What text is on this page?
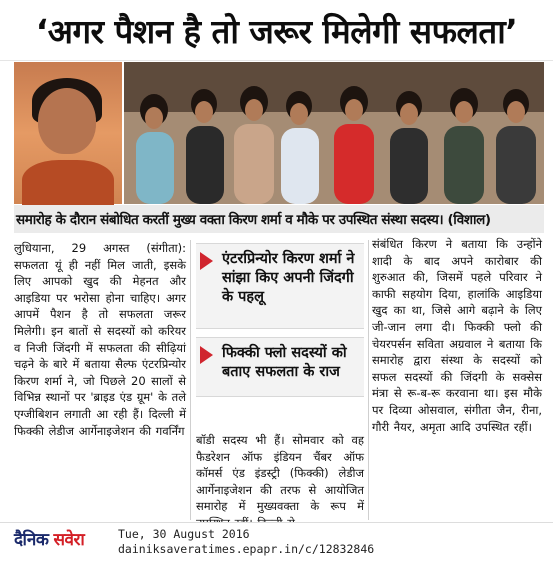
‘अगर पैशन है तो जरूर मिलेगी सफलता’
समारोह के दौरान संबोधित करतीं मुख्य वक्ता किरण शर्मा व मौके पर उपस्थित संस्था सदस्य। (विशाल)

लुधियाना, 29 अगस्त (संगीता): सफलता यूं ही नहीं मिल जाती, इसके लिए आपको खुद की मेहनत और आइडिया पर भरोसा होना चाहिए। अगर आपमें पैशन है तो सफलता जरूर मिलेगी। इन बातों से सदस्यों को करियर व निजी जिंदगी में सफलता की सीढ़ियां चढ़ने के बारे में बताया सैल्फ एंटरप्रिन्योर किरण शर्मा ने, जो पिछले 20 सालों से विभिन्न स्थानों पर 'ब्राइड एंड ग्रूम' के तले एग्जीबिशन लगाती आ रही हैं। दिल्ली में फिक्की लेडीज आर्गेनाइजेशन की गवर्निंग

एंटरप्रिन्योर किरण शर्मा ने सांझा किए अपनी जिंदगी के पहलू
फिक्की फ्लो सदस्यों को बताए सफलता के राज

बॉडी सदस्य भी हैं। सोमवार को वह फैडरेशन ऑफ इंडियन चैंबर ऑफ कॉमर्स एंड इंडस्ट्री (फिक्की) लेडीज आर्गेनाइजेशन की तरफ से आयोजित समारोह में मुख्यवक्ता के रूप में

संबंधित किरण ने बताया कि उन्होंने शादी के बाद अपने कारोबार की शुरुआत की, जिसमें पहले परिवार ने काफी सहयोग दिया, हालांकि आइडिया खुद का था, जिसे आगे बढ़ाने के लिए जी-जान लगा दी। फिक्की फ्लो की चेयरपर्सन सविता अग्रवाल ने बताया कि समारोह द्वारा संस्था के सदस्यों को सफल सदस्यों की जिंदगी के सक्सेस मंत्रा से रू-ब-रू करवाना था। इस मौके पर दिव्या ओसवाल, संगीता जैन, रीना, गौरी नैयर, अमृता आदि उपस्थित रहीं।

दैनिक सवेरा	Tue, 30 August 2016
dainiksaveratimes.epapr.in/c/12832846
